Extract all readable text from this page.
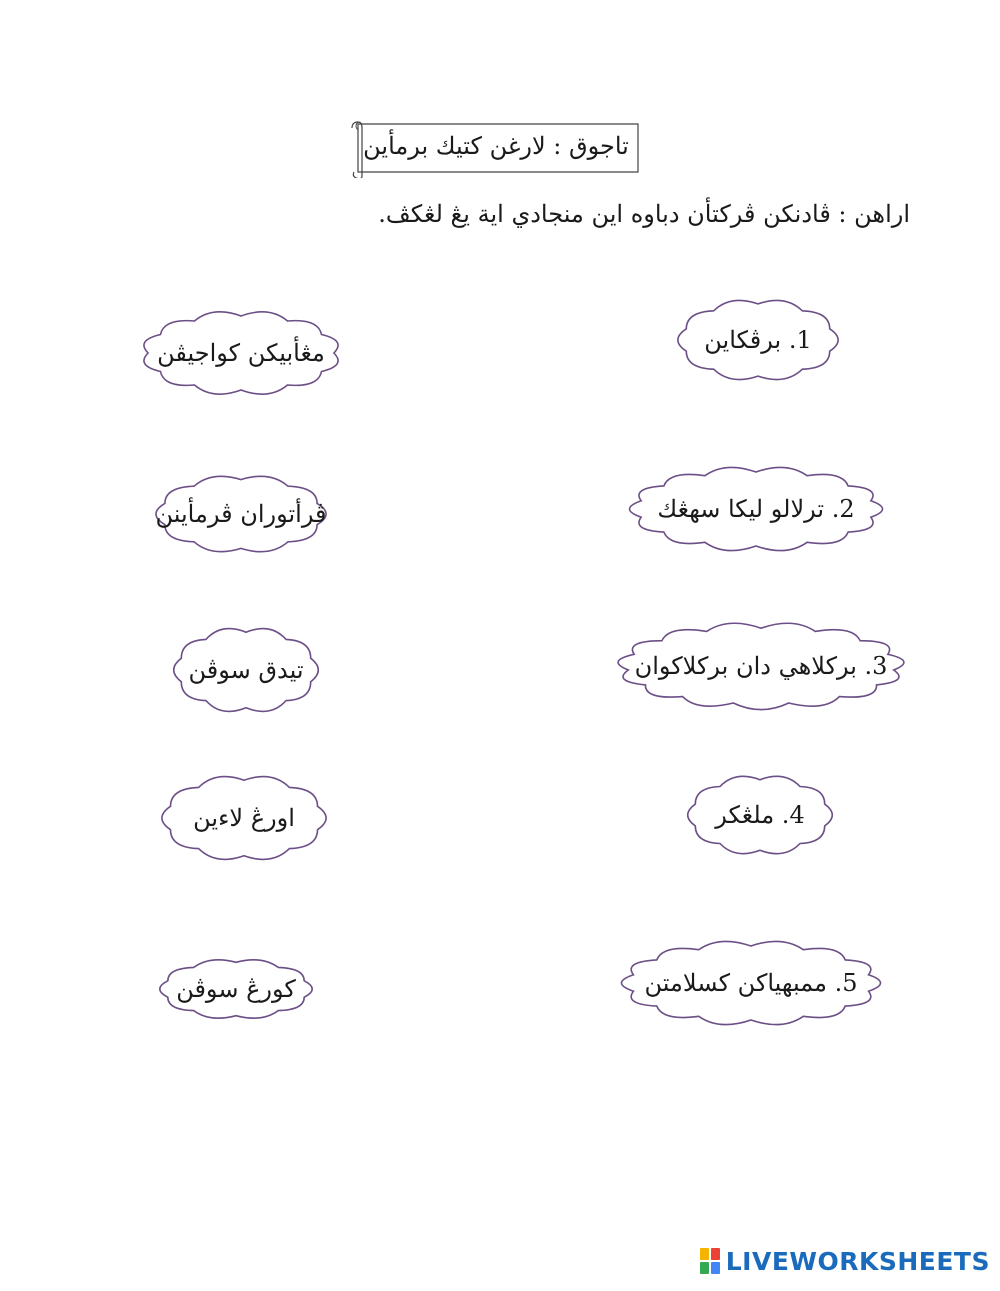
تاجوق : لارغن كتيك برمأين
اراهن : ڤادنكن ڤركتأن دباوه اين منجادي اية يڠ لڠكڤ.
1. برڤكاين
2. ترلالو ليكا سهڠك
3. بركلاهي دان بركلاكوان
4. ملڠكر
5. ممبهياكن كسلامتن
مڠأبيكن كواجيڤن
ڤرأتوران ڤرمأينن
تيدق سوڤن
اورڠ لاءين
كورڠ سوڤن
LIVEWORKSHEETS
